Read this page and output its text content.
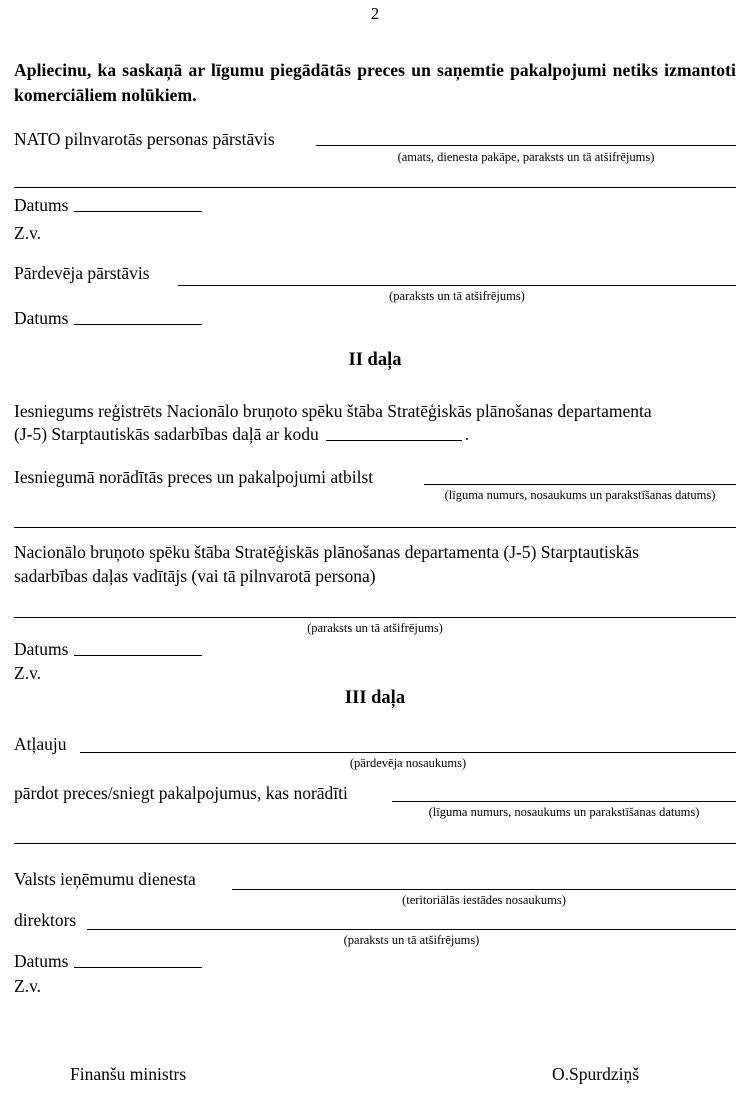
2
Apliecinu, ka saskaņā ar līgumu piegādātās preces un saņemtie pakalpojumi netiks izmantoti komerciāliem nolūkiem.
NATO pilnvarotās personas pārstāvis
(amats, dienesta pakāpe, paraksts un tā atšifrējums)
Datums
Z.v.
Pārdevēja pārstāvis
(paraksts un tā atšifrējums)
Datums
II daļa
Iesniegums reģistrēts Nacionālo bruņoto spēku štāba Stratēģiskās plānošanas departamenta
(J-5) Starptautiskās sadarbības daļā ar kodu	.
Iesniegumā norādītās preces un pakalpojumi atbilst
(līguma numurs, nosaukums un parakstīšanas datums)
Nacionālo bruņoto spēku štāba Stratēģiskās plānošanas departamenta (J-5) Starptautiskās
sadarbības daļas vadītājs (vai tā pilnvarotā persona)
(paraksts un tā atšifrējums)
Datums
Z.v.
III daļa
Atļauju
(pārdevēja nosaukums)
pārdot preces/sniegt pakalpojumus, kas norādīti
(līguma numurs, nosaukums un parakstīšanas datums)
Valsts ieņēmumu dienesta
(teritoriālās iestādes nosaukums)
direktors
(paraksts un tā atšifrējums)
Datums
Z.v.
Finanšu ministrs	O.Spurdziņš
